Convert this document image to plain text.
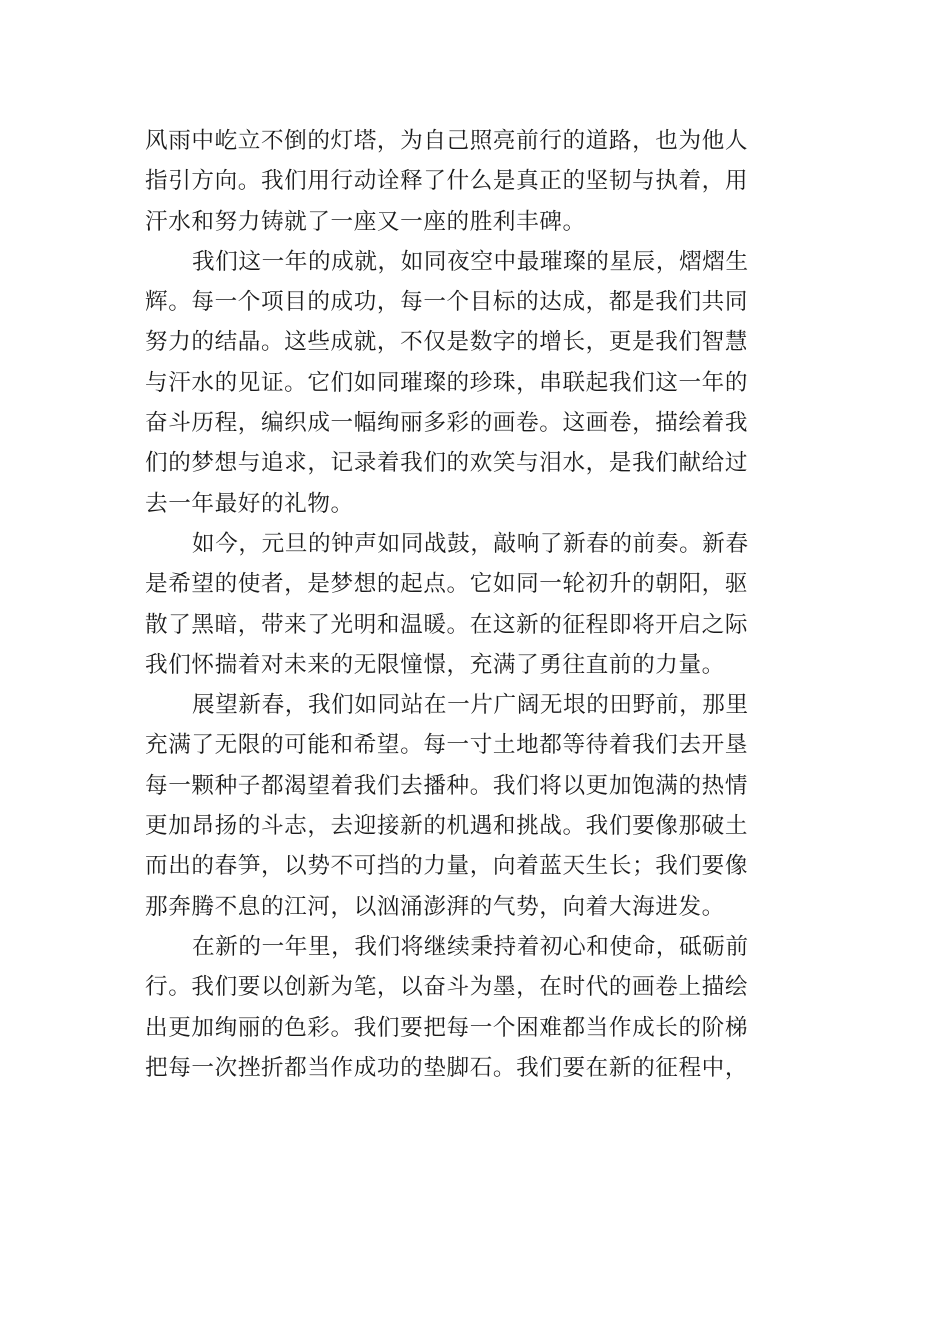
风雨中屹立不倒的灯塔，为自己照亮前行的道路，也为他人
指引方向。我们用行动诠释了什么是真正的坚韧与执着，用
汗水和努力铸就了一座又一座的胜利丰碑。
我们这一年的成就，如同夜空中最璀璨的星辰，熠熠生
辉。每一个项目的成功，每一个目标的达成，都是我们共同
努力的结晶。这些成就，不仅是数字的增长，更是我们智慧
与汗水的见证。它们如同璀璨的珍珠，串联起我们这一年的
奋斗历程，编织成一幅绚丽多彩的画卷。这画卷，描绘着我
们的梦想与追求，记录着我们的欢笑与泪水，是我们献给过
去一年最好的礼物。
如今，元旦的钟声如同战鼓，敲响了新春的前奏。新春
是希望的使者，是梦想的起点。它如同一轮初升的朝阳，驱
散了黑暗，带来了光明和温暖。在这新的征程即将开启之际
我们怀揣着对未来的无限憧憬，充满了勇往直前的力量。
展望新春，我们如同站在一片广阔无垠的田野前，那里
充满了无限的可能和希望。每一寸土地都等待着我们去开垦
每一颗种子都渴望着我们去播种。我们将以更加饱满的热情
更加昂扬的斗志，去迎接新的机遇和挑战。我们要像那破土
而出的春笋，以势不可挡的力量，向着蓝天生长；我们要像
那奔腾不息的江河，以汹涌澎湃的气势，向着大海进发。
在新的一年里，我们将继续秉持着初心和使命，砥砺前
行。我们要以创新为笔，以奋斗为墨，在时代的画卷上描绘
出更加绚丽的色彩。我们要把每一个困难都当作成长的阶梯
把每一次挫折都当作成功的垫脚石。我们要在新的征程中，
